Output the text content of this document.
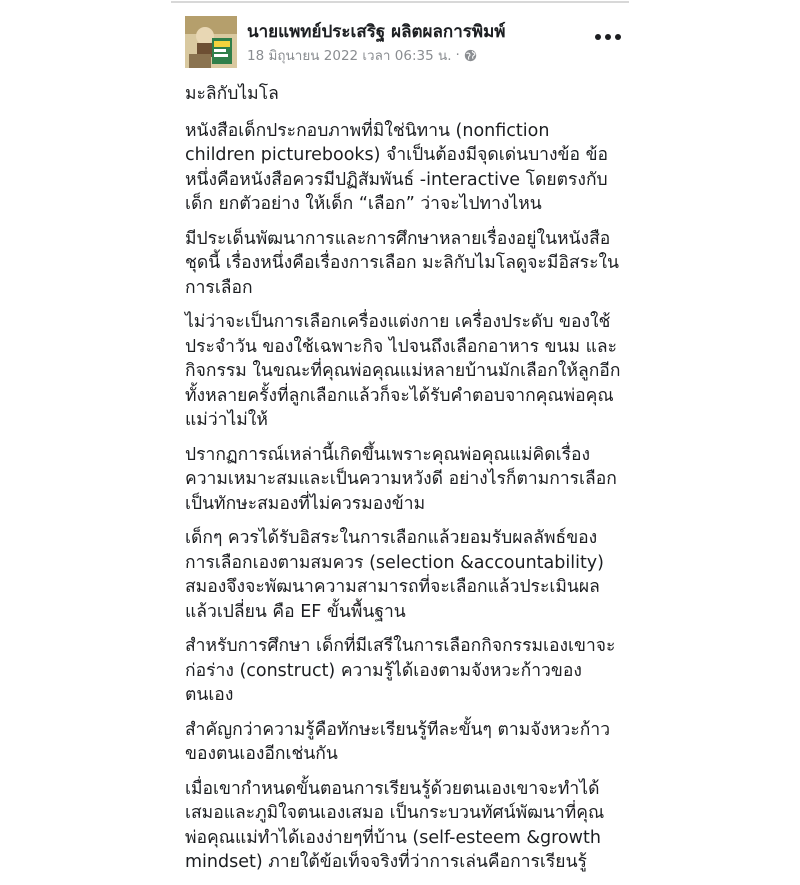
นายแพทย์ประเสริฐ ผลิตผลการพิมพ์
18 มิถุนายน 2022 เวลา 06:35 น. ·

มะลิกับไมโล

หนังสือเด็กประกอบภาพที่มิใช่นิทาน (nonfiction children picturebooks) จำเป็นต้องมีจุดเด่นบางข้อ ข้อหนึ่งคือหนังสือควรมีปฏิสัมพันธ์ -interactive โดยตรงกับเด็ก ยกตัวอย่าง ให้เด็ก “เลือก” ว่าจะไปทางไหน

มีประเด็นพัฒนาการและการศึกษาหลายเรื่องอยู่ในหนังสือชุดนี้ เรื่องหนึ่งคือเรื่องการเลือก มะลิกับไมโลดูจะมีอิสระในการเลือก

ไม่ว่าจะเป็นการเลือกเครื่องแต่งกาย เครื่องประดับ ของใช้ประจำวัน ของใช้เฉพาะกิจ ไปจนถึงเลือกอาหาร ขนม และกิจกรรม ในขณะที่คุณพ่อคุณแม่หลายบ้านมักเลือกให้ลูกอีกทั้งหลายครั้งที่ลูกเลือกแล้วก็จะได้รับคำตอบจากคุณพ่อคุณแม่ว่าไม่ให้

ปรากฏการณ์เหล่านี้เกิดขึ้นเพราะคุณพ่อคุณแม่คิดเรื่องความเหมาะสมและเป็นความหวังดี อย่างไรก็ตามการเลือกเป็นทักษะสมองที่ไม่ควรมองข้าม

เด็กๆ ควรได้รับอิสระในการเลือกแล้วยอมรับผลลัพธ์ของการเลือกเองตามสมควร (selection &accountability) สมองจึงจะพัฒนาความสามารถที่จะเลือกแล้วประเมินผลแล้วเปลี่ยน คือ EF ขั้นพื้นฐาน

สำหรับการศึกษา เด็กที่มีเสรีในการเลือกกิจกรรมเองเขาจะก่อร่าง (construct) ความรู้ได้เองตามจังหวะก้าวของตนเอง

สำคัญกว่าความรู้คือทักษะเรียนรู้ทีละขั้นๆ ตามจังหวะก้าวของตนเองอีกเช่นกัน

เมื่อเขากำหนดขั้นตอนการเรียนรู้ด้วยตนเองเขาจะทำได้เสมอและภูมิใจตนเองเสมอ เป็นกระบวนทัศน์พัฒนาที่คุณพ่อคุณแม่ทำได้เองง่ายๆที่บ้าน (self-esteem &growth mindset) ภายใต้ข้อเท็จจริงที่ว่าการเล่นคือการเรียนรู้
